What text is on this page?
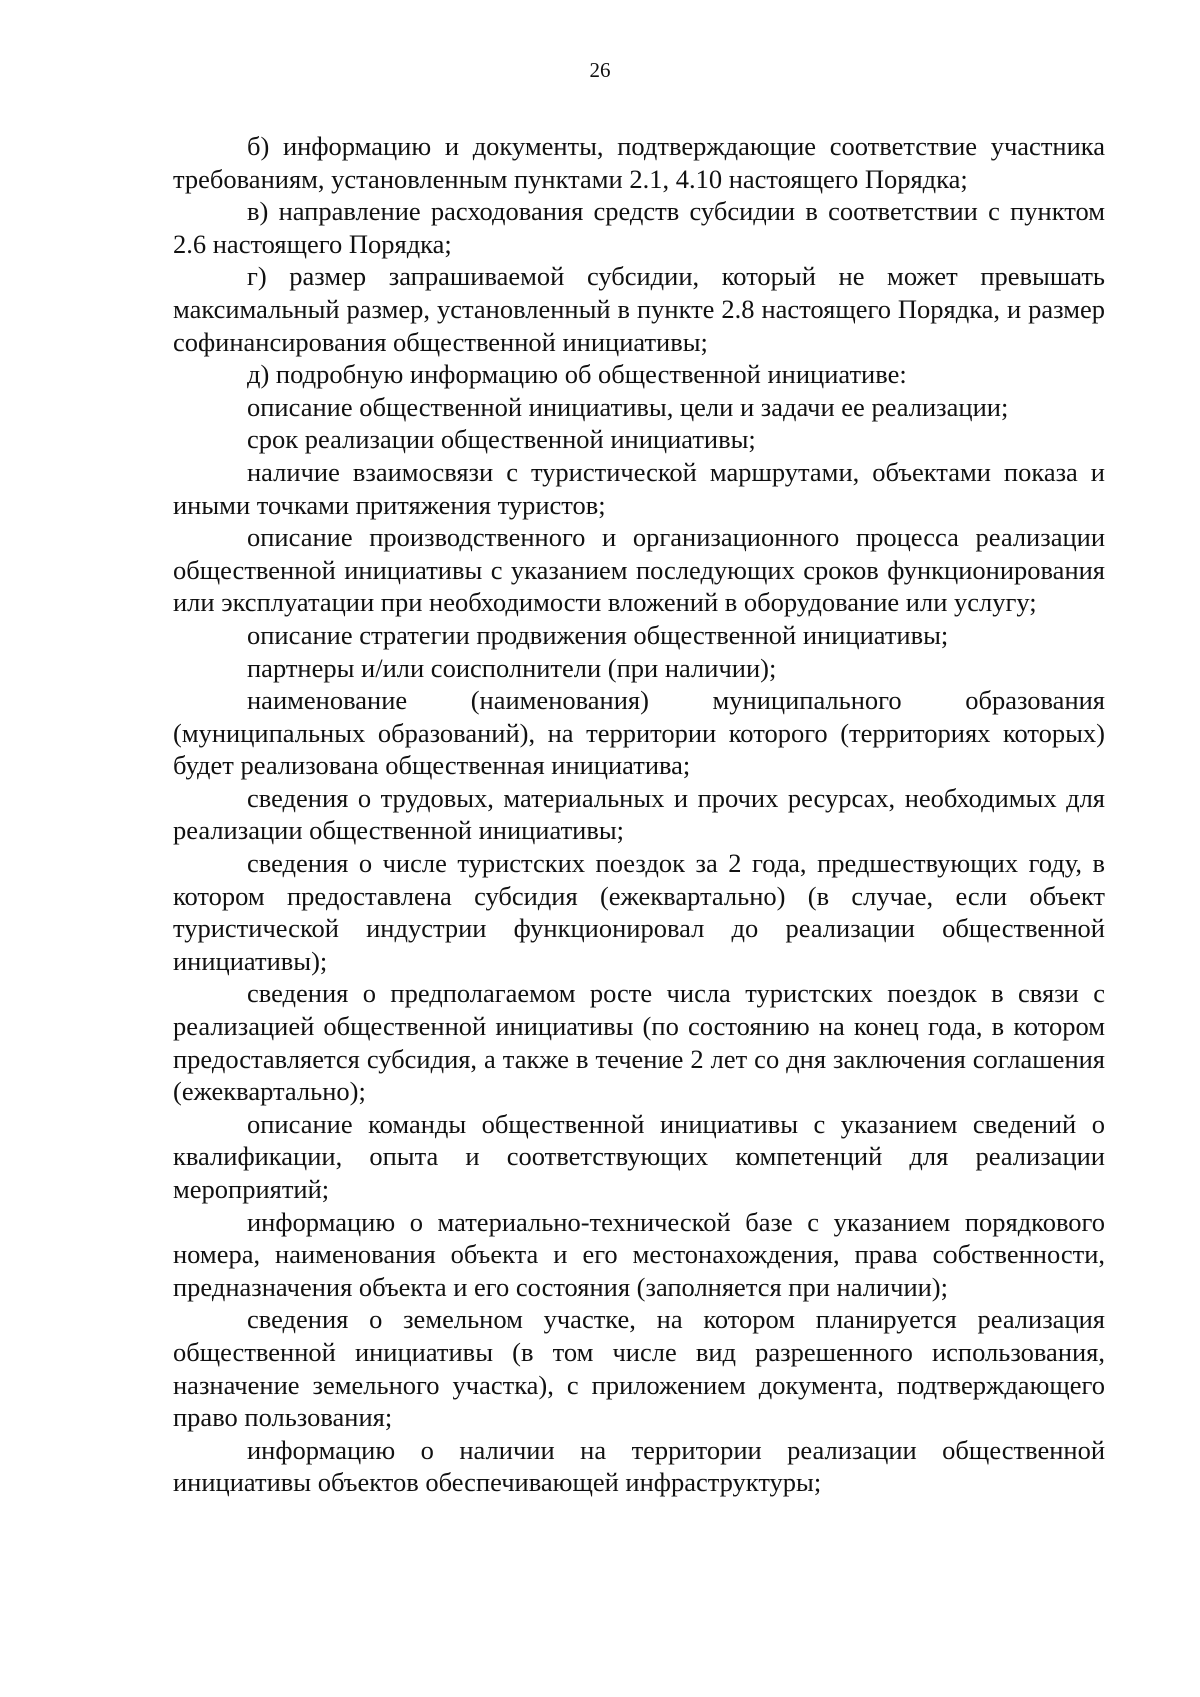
26

б) информацию и документы, подтверждающие соответствие участника требованиям, установленным пунктами 2.1, 4.10 настоящего Порядка;

в) направление расходования средств субсидии в соответствии с пунктом 2.6 настоящего Порядка;

г) размер запрашиваемой субсидии, который не может превышать максимальный размер, установленный в пункте 2.8 настоящего Порядка, и размер софинансирования общественной инициативы;

д) подробную информацию об общественной инициативе:

описание общественной инициативы, цели и задачи ее реализации;

срок реализации общественной инициативы;

наличие взаимосвязи с туристической маршрутами, объектами показа и иными точками притяжения туристов;

описание производственного и организационного процесса реализации общественной инициативы с указанием последующих сроков функционирования или эксплуатации при необходимости вложений в оборудование или услугу;

описание стратегии продвижения общественной инициативы;

партнеры и/или соисполнители (при наличии);

наименование (наименования) муниципального образования (муниципальных образований), на территории которого (территориях которых) будет реализована общественная инициатива;

сведения о трудовых, материальных и прочих ресурсах, необходимых для реализации общественной инициативы;

сведения о числе туристских поездок за 2 года, предшествующих году, в котором предоставлена субсидия (ежеквартально) (в случае, если объект туристической индустрии функционировал до реализации общественной инициативы);

сведения о предполагаемом росте числа туристских поездок в связи с реализацией общественной инициативы (по состоянию на конец года, в котором предоставляется субсидия, а также в течение 2 лет со дня заключения соглашения (ежеквартально);

описание команды общественной инициативы с указанием сведений о квалификации, опыта и соответствующих компетенций для реализации мероприятий;

информацию о материально-технической базе с указанием порядкового номера, наименования объекта и его местонахождения, права собственности, предназначения объекта и его состояния (заполняется при наличии);

сведения о земельном участке, на котором планируется реализация общественной инициативы (в том числе вид разрешенного использования, назначение земельного участка), с приложением документа, подтверждающего право пользования;

информацию о наличии на территории реализации общественной инициативы объектов обеспечивающей инфраструктуры;
